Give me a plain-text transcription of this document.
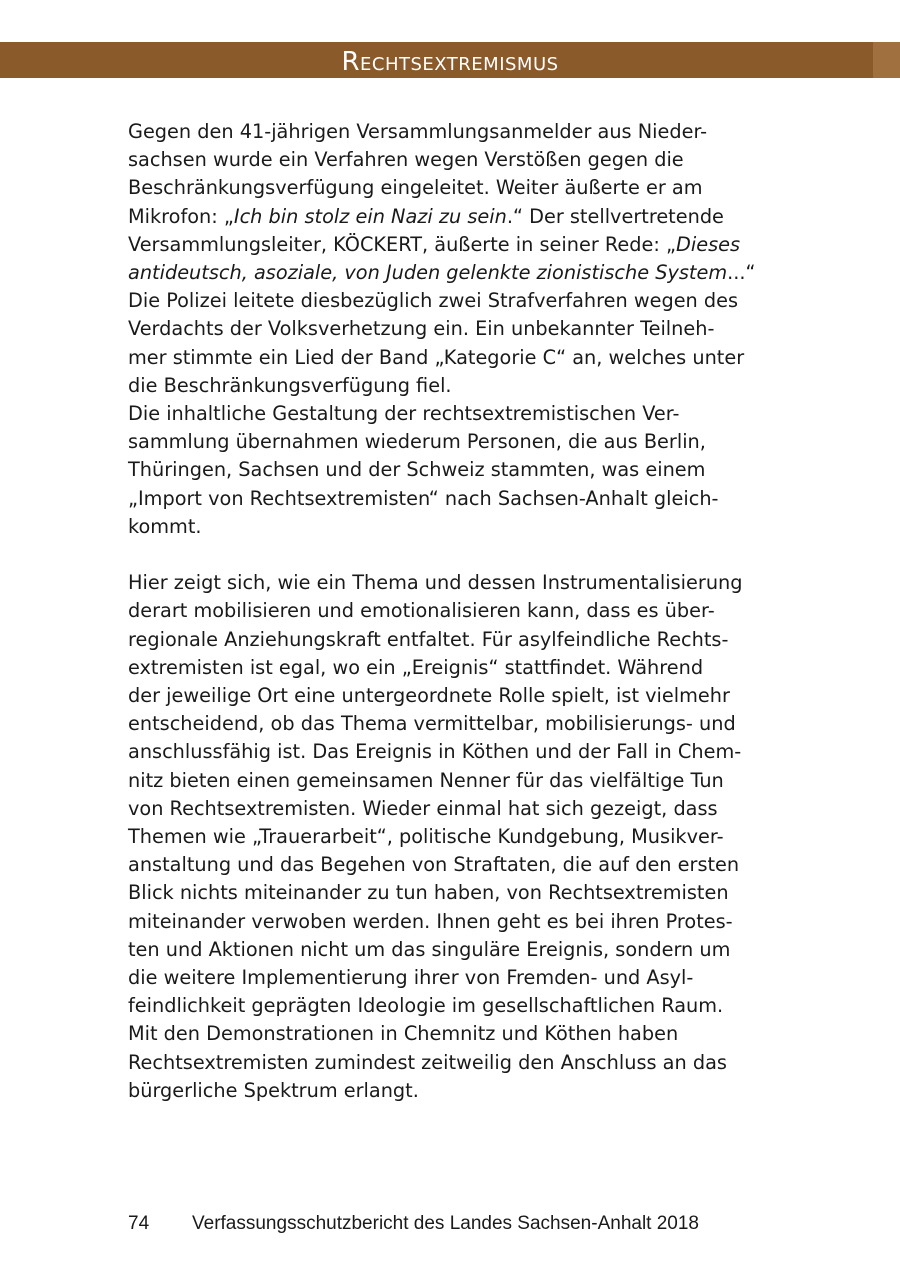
Rechtsextremismus
Gegen den 41-jährigen Versammlungsanmelder aus Nieder-
sachsen wurde ein Verfahren wegen Verstößen gegen die
Beschränkungsverfügung eingeleitet. Weiter äußerte er am
Mikrofon: „Ich bin stolz ein Nazi zu sein.“ Der stellvertretende
Versammlungsleiter, KÖCKERT, äußerte in seiner Rede: „Dieses
antideutsch, asoziale, von Juden gelenkte zionistische System...“
Die Polizei leitete diesbezüglich zwei Strafverfahren wegen des
Verdachts der Volksverhetzung ein. Ein unbekannter Teilneh-
mer stimmte ein Lied der Band „Kategorie C“ an, welches unter
die Beschränkungsverfügung fiel.
Die inhaltliche Gestaltung der rechtsextremistischen Ver-
sammlung übernahmen wiederum Personen, die aus Berlin,
Thüringen, Sachsen und der Schweiz stammten, was einem
„Import von Rechtsextremisten“ nach Sachsen-Anhalt gleich-
kommt.
Hier zeigt sich, wie ein Thema und dessen Instrumentalisierung
derart mobilisieren und emotionalisieren kann, dass es über-
regionale Anziehungskraft entfaltet. Für asylfeindliche Rechts-
extremisten ist egal, wo ein „Ereignis“ stattfindet. Während
der jeweilige Ort eine untergeordnete Rolle spielt, ist vielmehr
entscheidend, ob das Thema vermittelbar, mobilisierungs- und
anschlussfähig ist. Das Ereignis in Köthen und der Fall in Chem-
nitz bieten einen gemeinsamen Nenner für das vielfältige Tun
von Rechtsextremisten. Wieder einmal hat sich gezeigt, dass
Themen wie „Trauerarbeit“, politische Kundgebung, Musikver-
anstaltung und das Begehen von Straftaten, die auf den ersten
Blick nichts miteinander zu tun haben, von Rechtsextremisten
miteinander verwoben werden. Ihnen geht es bei ihren Protes-
ten und Aktionen nicht um das singuläre Ereignis, sondern um
die weitere Implementierung ihrer von Fremden- und Asyl-
feindlichkeit geprägten Ideologie im gesellschaftlichen Raum.
Mit den Demonstrationen in Chemnitz und Köthen haben
Rechtsextremisten zumindest zeitweilig den Anschluss an das
bürgerliche Spektrum erlangt.
74 Verfassungsschutzbericht des Landes Sachsen-Anhalt 2018
